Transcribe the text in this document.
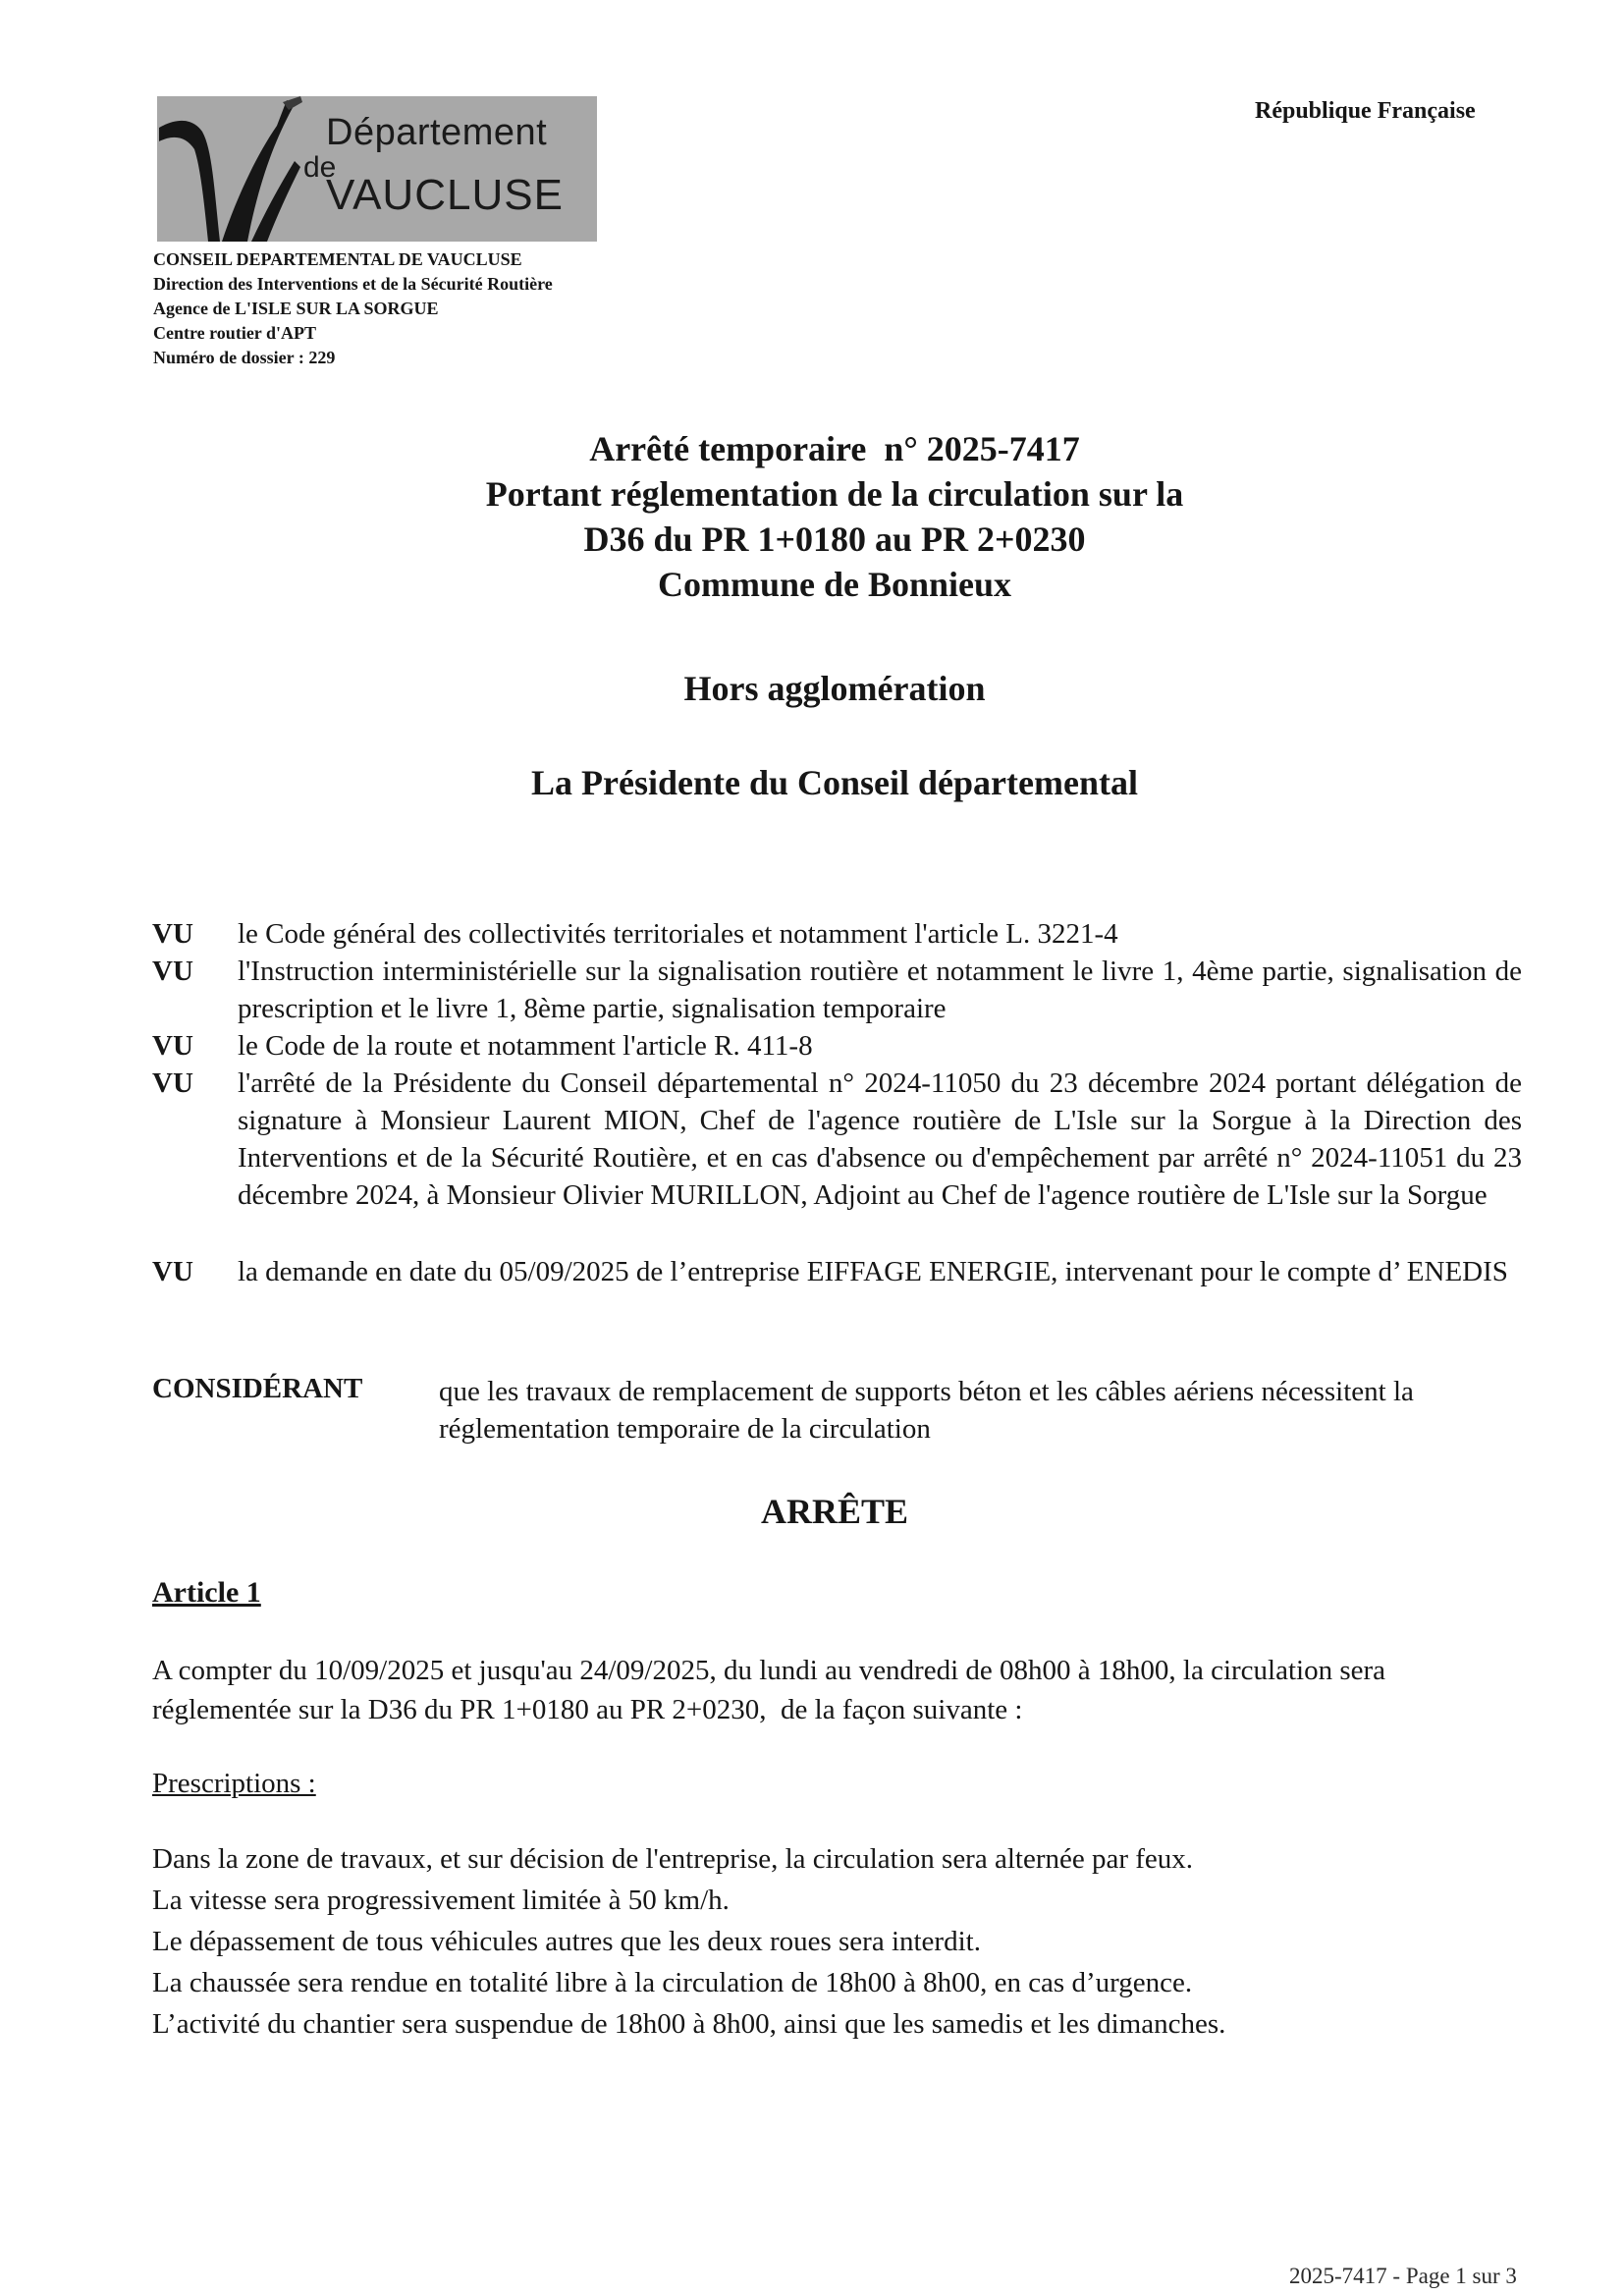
Département
de
VAUCLUSE
République Française
CONSEIL DEPARTEMENTAL DE VAUCLUSE
Direction des Interventions et de la Sécurité Routière
Agence de L'ISLE SUR LA SORGUE
Centre routier d'APT
Numéro de dossier : 229
Arrêté temporaire  n° 2025-7417
Portant réglementation de la circulation sur la
D36 du PR 1+0180 au PR 2+0230
Commune de Bonnieux
Hors agglomération
La Présidente du Conseil départemental
VU le Code général des collectivités territoriales et notamment l'article L. 3221-4
VU l'Instruction interministérielle sur la signalisation routière et notamment le livre 1, 4ème partie, signalisation de prescription et le livre 1, 8ème partie, signalisation temporaire
VU le Code de la route et notamment l'article R. 411-8
VU l'arrêté de la Présidente du Conseil départemental n° 2024-11050 du 23 décembre 2024 portant délégation de signature à Monsieur Laurent MION, Chef de l'agence routière de L'Isle sur la Sorgue à la Direction des Interventions et de la Sécurité Routière, et en cas d'absence ou d'empêchement par arrêté n° 2024-11051 du 23 décembre 2024, à Monsieur Olivier MURILLON, Adjoint au Chef de l'agence routière de L'Isle sur la Sorgue
VU la demande en date du 05/09/2025 de l’entreprise EIFFAGE ENERGIE, intervenant pour le compte d’ ENEDIS
CONSIDÉRANT	que les travaux de remplacement de supports béton et les câbles aériens nécessitent la réglementation temporaire de la circulation
ARRÊTE
Article 1
A compter du 10/09/2025 et jusqu'au 24/09/2025, du lundi au vendredi de 08h00 à 18h00, la circulation sera réglementée sur la D36 du PR 1+0180 au PR 2+0230,  de la façon suivante :
Prescriptions :
Dans la zone de travaux, et sur décision de l'entreprise, la circulation sera alternée par feux.
La vitesse sera progressivement limitée à 50 km/h.
Le dépassement de tous véhicules autres que les deux roues sera interdit.
La chaussée sera rendue en totalité libre à la circulation de 18h00 à 8h00, en cas d’urgence.
L’activité du chantier sera suspendue de 18h00 à 8h00, ainsi que les samedis et les dimanches.
2025-7417 - Page 1 sur 3
